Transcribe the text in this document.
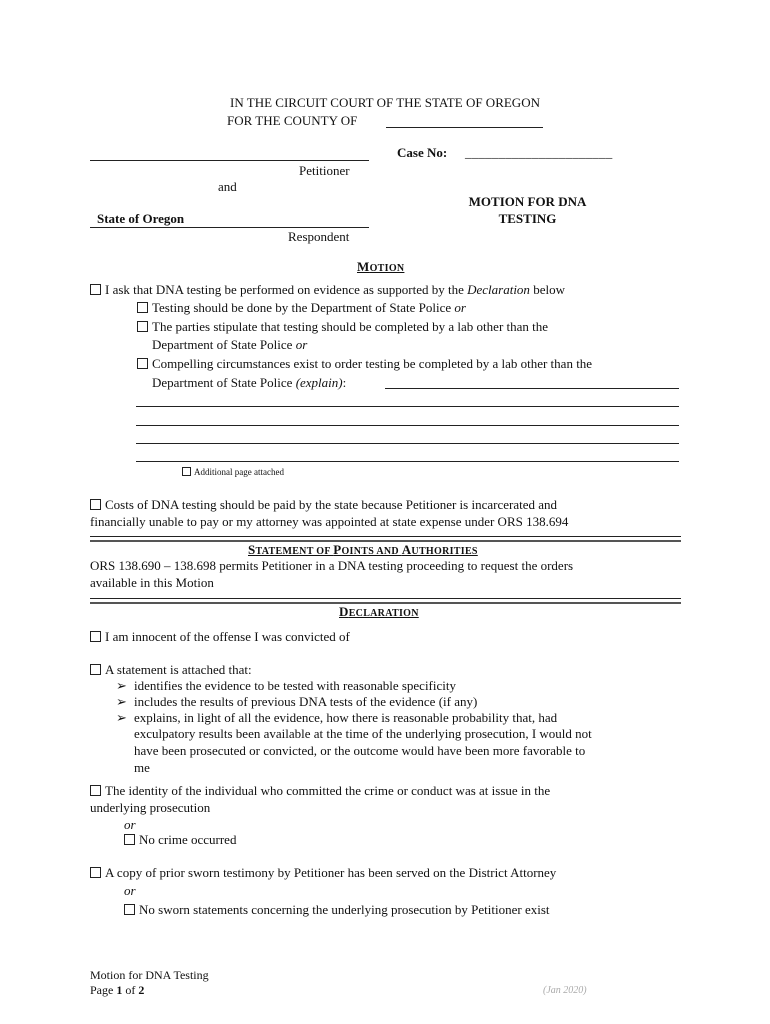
IN THE CIRCUIT COURT OF THE STATE OF OREGON
FOR THE COUNTY OF
Petitioner
and
State of Oregon
Respondent
Case No: ______________________
MOTION FOR DNA
TESTING
MOTION
I ask that DNA testing be performed on evidence as supported by the Declaration below
Testing should be done by the Department of State Police or
The parties stipulate that testing should be completed by a lab other than the
Department of State Police or
Compelling circumstances exist to order testing be completed by a lab other than the
Department of State Police (explain):
Additional page attached
Costs of DNA testing should be paid by the state because Petitioner is incarcerated and
financially unable to pay or my attorney was appointed at state expense under ORS 138.694
STATEMENT OF POINTS AND AUTHORITIES
ORS 138.690 – 138.698 permits Petitioner in a DNA testing proceeding to request the orders
available in this Motion
DECLARATION
I am innocent of the offense I was convicted of
A statement is attached that:
➢ identifies the evidence to be tested with reasonable specificity
➢ includes the results of previous DNA tests of the evidence (if any)
➢ explains, in light of all the evidence, how there is reasonable probability that, had
exculpatory results been available at the time of the underlying prosecution, I would not
have been prosecuted or convicted, or the outcome would have been more favorable to
me
The identity of the individual who committed the crime or conduct was at issue in the
underlying prosecution
or
No crime occurred
A copy of prior sworn testimony by Petitioner has been served on the District Attorney
or
No sworn statements concerning the underlying prosecution by Petitioner exist
Motion for DNA Testing
Page 1 of 2	(Jan 2020)
